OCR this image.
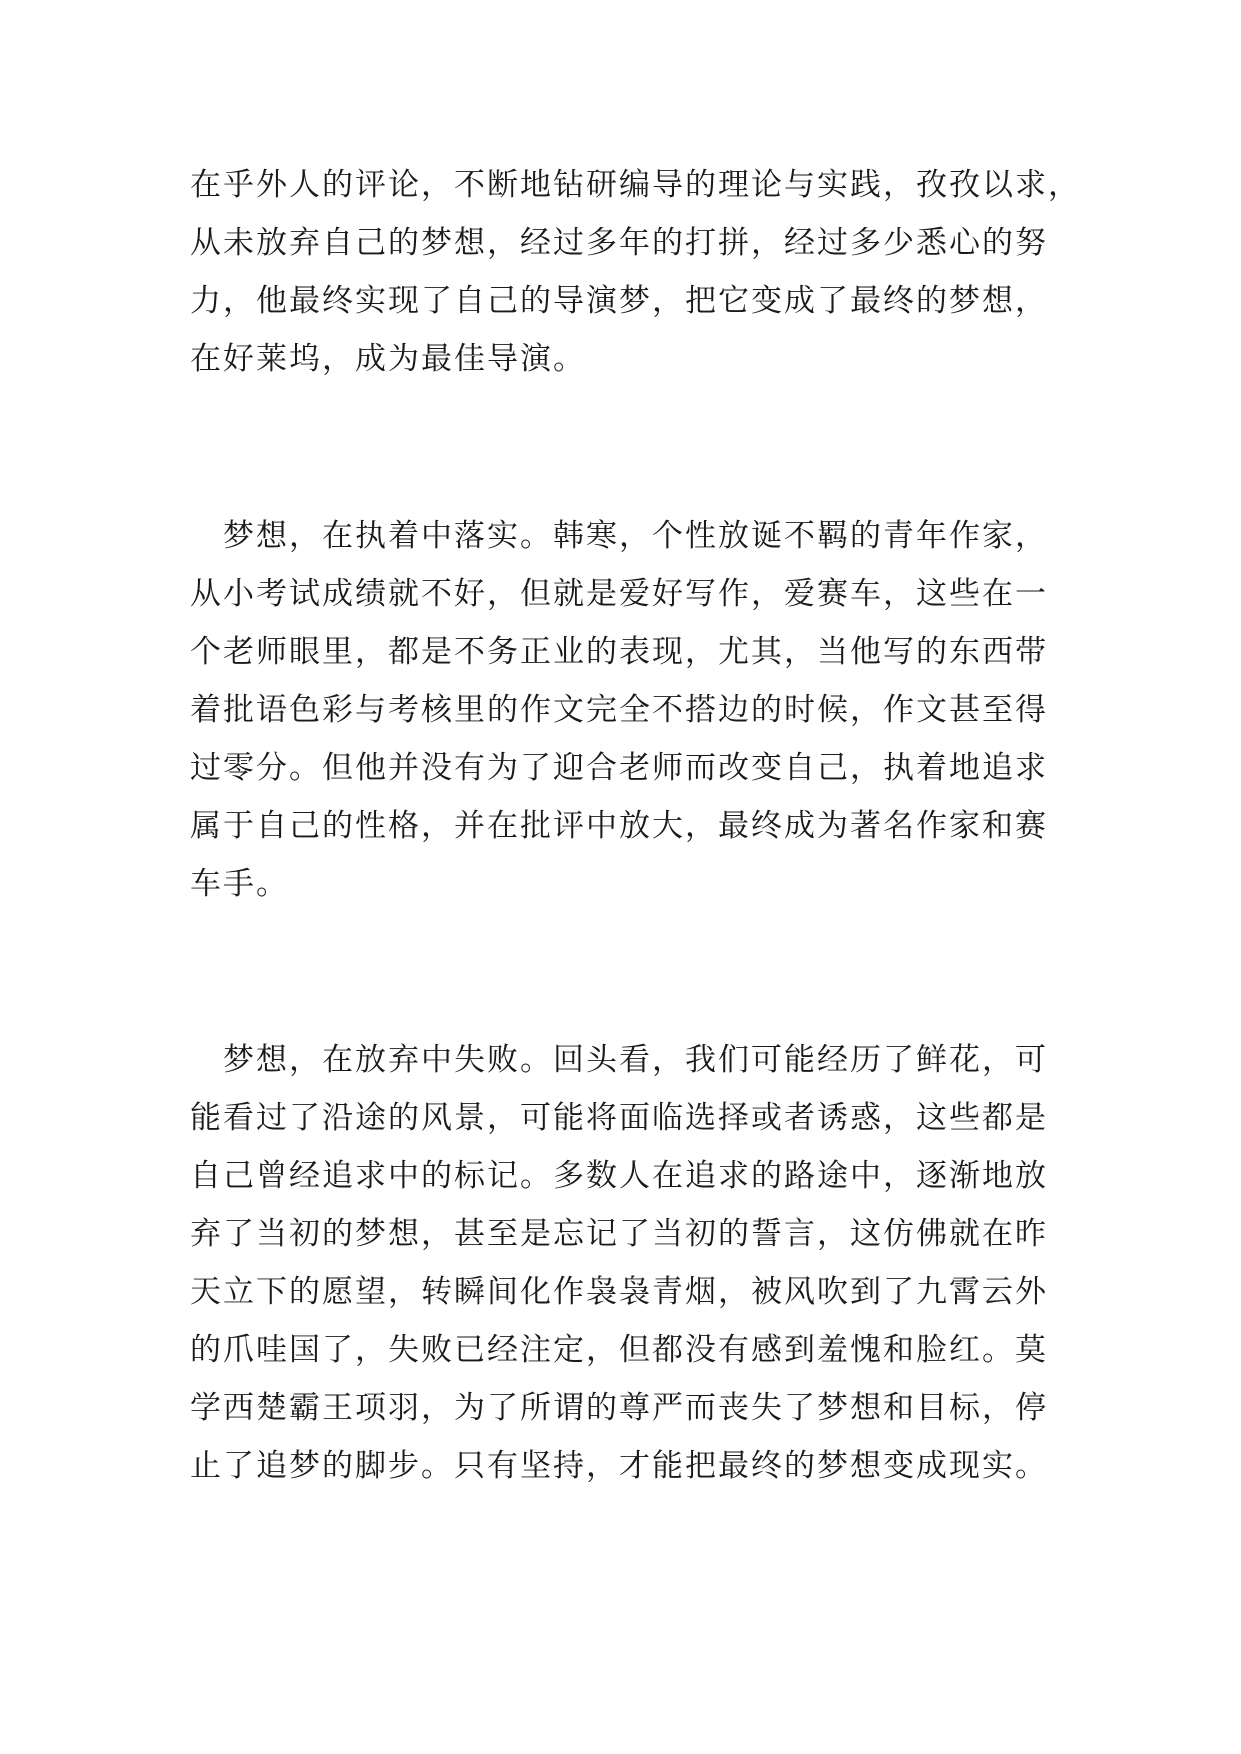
在乎外人的评论，不断地钻研编导的理论与实践，孜孜以求，
从未放弃自己的梦想，经过多年的打拼，经过多少悉心的努
力，他最终实现了自己的导演梦，把它变成了最终的梦想，
在好莱坞，成为最佳导演。
　梦想，在执着中落实。韩寒，个性放诞不羁的青年作家，
从小考试成绩就不好，但就是爱好写作，爱赛车，这些在一
个老师眼里，都是不务正业的表现，尤其，当他写的东西带
着批语色彩与考核里的作文完全不搭边的时候，作文甚至得
过零分。但他并没有为了迎合老师而改变自己，执着地追求
属于自己的性格，并在批评中放大，最终成为著名作家和赛
车手。
　梦想，在放弃中失败。回头看，我们可能经历了鲜花，可
能看过了沿途的风景，可能将面临选择或者诱惑，这些都是
自己曾经追求中的标记。多数人在追求的路途中，逐渐地放
弃了当初的梦想，甚至是忘记了当初的誓言，这仿佛就在昨
天立下的愿望，转瞬间化作袅袅青烟，被风吹到了九霄云外
的爪哇国了，失败已经注定，但都没有感到羞愧和脸红。莫
学西楚霸王项羽，为了所谓的尊严而丧失了梦想和目标，停
止了追梦的脚步。只有坚持，才能把最终的梦想变成现实。
